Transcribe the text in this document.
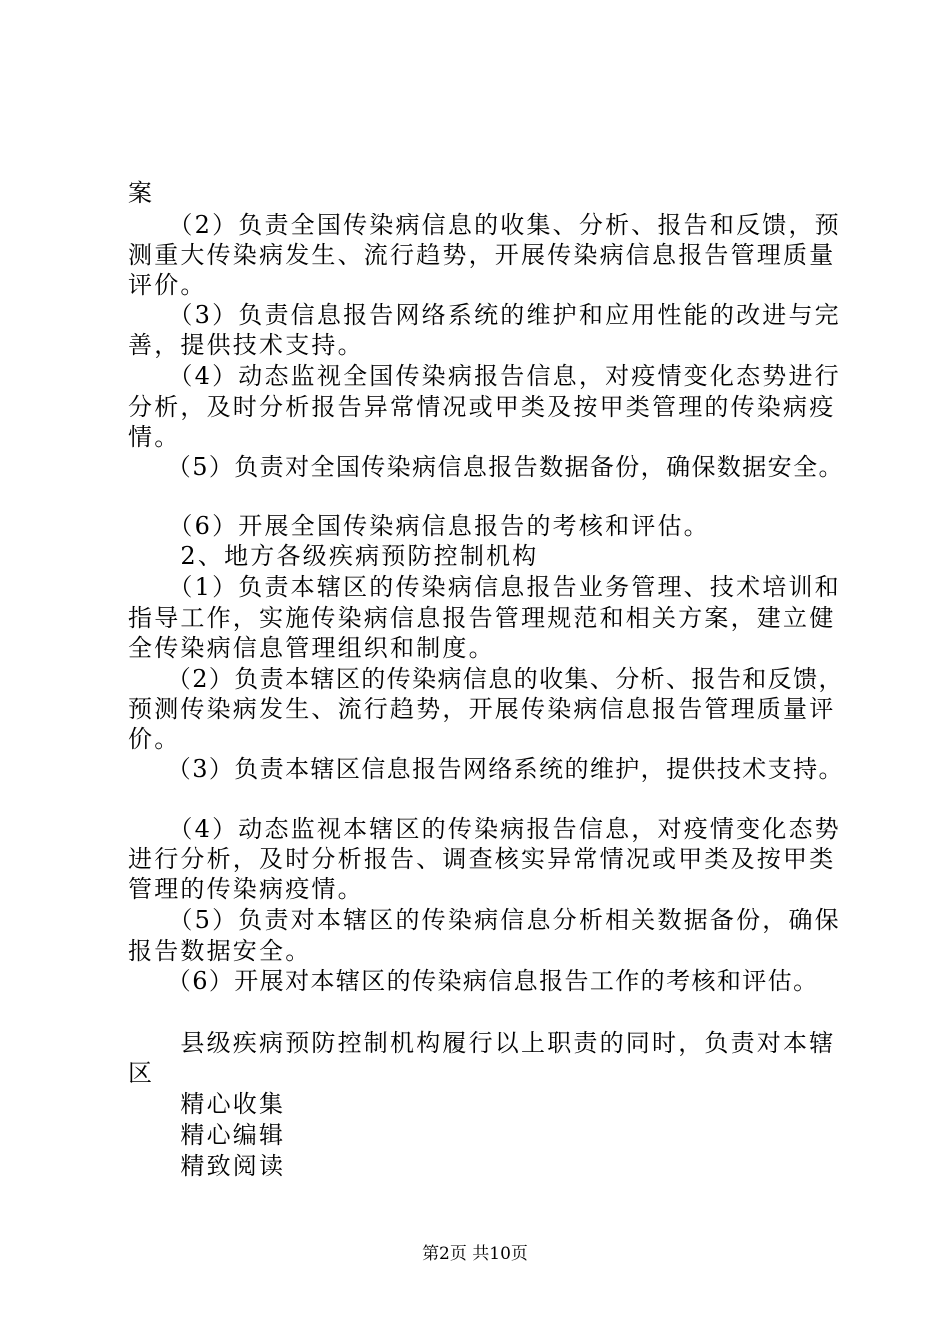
案
　　（2）负责全国传染病信息的收集、分析、报告和反馈，预
测重大传染病发生、流行趋势，开展传染病信息报告管理质量
评价。
　　（3）负责信息报告网络系统的维护和应用性能的改进与完
善，提供技术支持。
　　（4）动态监视全国传染病报告信息，对疫情变化态势进行
分析，及时分析报告异常情况或甲类及按甲类管理的传染病疫
情。
　　（5）负责对全国传染病信息报告数据备份，确保数据安全。
　　（6）开展全国传染病信息报告的考核和评估。
　　2、地方各级疾病预防控制机构
　　（1）负责本辖区的传染病信息报告业务管理、技术培训和
指导工作，实施传染病信息报告管理规范和相关方案，建立健
全传染病信息管理组织和制度。
　　（2）负责本辖区的传染病信息的收集、分析、报告和反馈，
预测传染病发生、流行趋势，开展传染病信息报告管理质量评
价。
　　（3）负责本辖区信息报告网络系统的维护，提供技术支持。
　　（4）动态监视本辖区的传染病报告信息，对疫情变化态势
进行分析，及时分析报告、调查核实异常情况或甲类及按甲类
管理的传染病疫情。
　　（5）负责对本辖区的传染病信息分析相关数据备份，确保
报告数据安全。
　　（6）开展对本辖区的传染病信息报告工作的考核和评估。
　　县级疾病预防控制机构履行以上职责的同时，负责对本辖
区
　　精心收集
　　精心编辑
　　精致阅读
第2页 共10页
